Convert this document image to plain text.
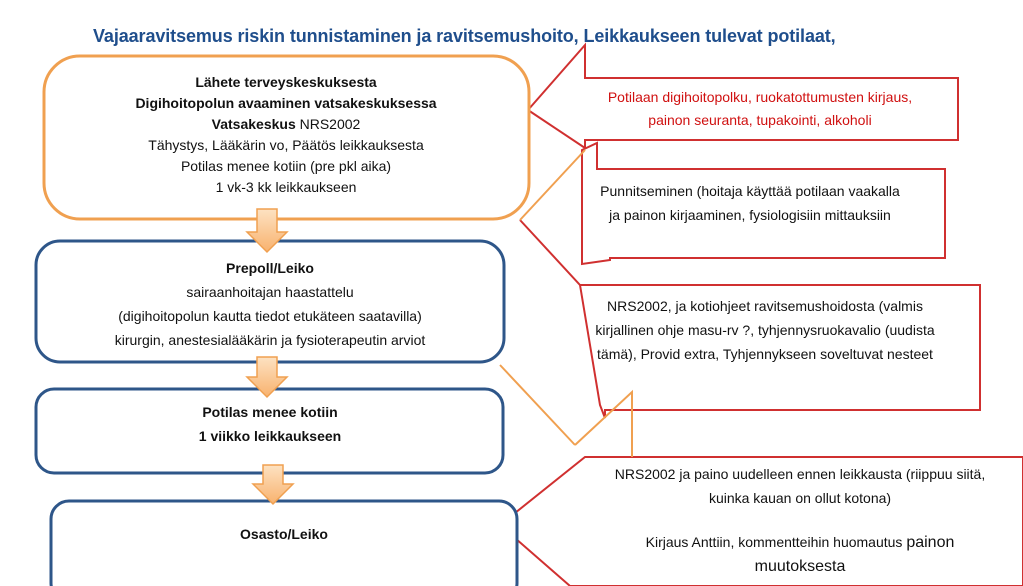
Vajaaravitsemus riskin tunnistaminen ja ravitsemushoito, Leikkaukseen tulevat potilaat,
Lähete terveyskeskuksesta
Digihoitopolun avaaminen vatsakeskuksessa
Vatsakeskus NRS2002
Tähystys, Lääkärin vo, Päätös leikkauksesta
Potilas menee kotiin (pre pkl aika)
1 vk-3 kk leikkaukseen
Prepoll/Leiko
sairaanhoitajan haastattelu
(digihoitopolun kautta tiedot etukäteen saatavilla)
kirurgin, anestesialääkärin ja fysioterapeutin arviot
Potilas menee kotiin
1 viikko leikkaukseen
Osasto/Leiko
Potilaan digihoitopolku, ruokatottumusten kirjaus,
painon seuranta, tupakointi, alkoholi
Punnitseminen (hoitaja käyttää potilaan vaakalla
ja painon kirjaaminen, fysiologisiin mittauksiin
NRS2002, ja kotiohjeet ravitsemushoidosta (valmis
kirjallinen ohje masu-rv ?, tyhjennysruokavalio (uudista
tämä), Provid extra, Tyhjennykseen soveltuvat nesteet
NRS2002 ja paino uudelleen ennen leikkausta (riippuu siitä,
kuinka kauan on ollut kotona)
Kirjaus Anttiin, kommentteihin huomautus painon
muutoksesta
